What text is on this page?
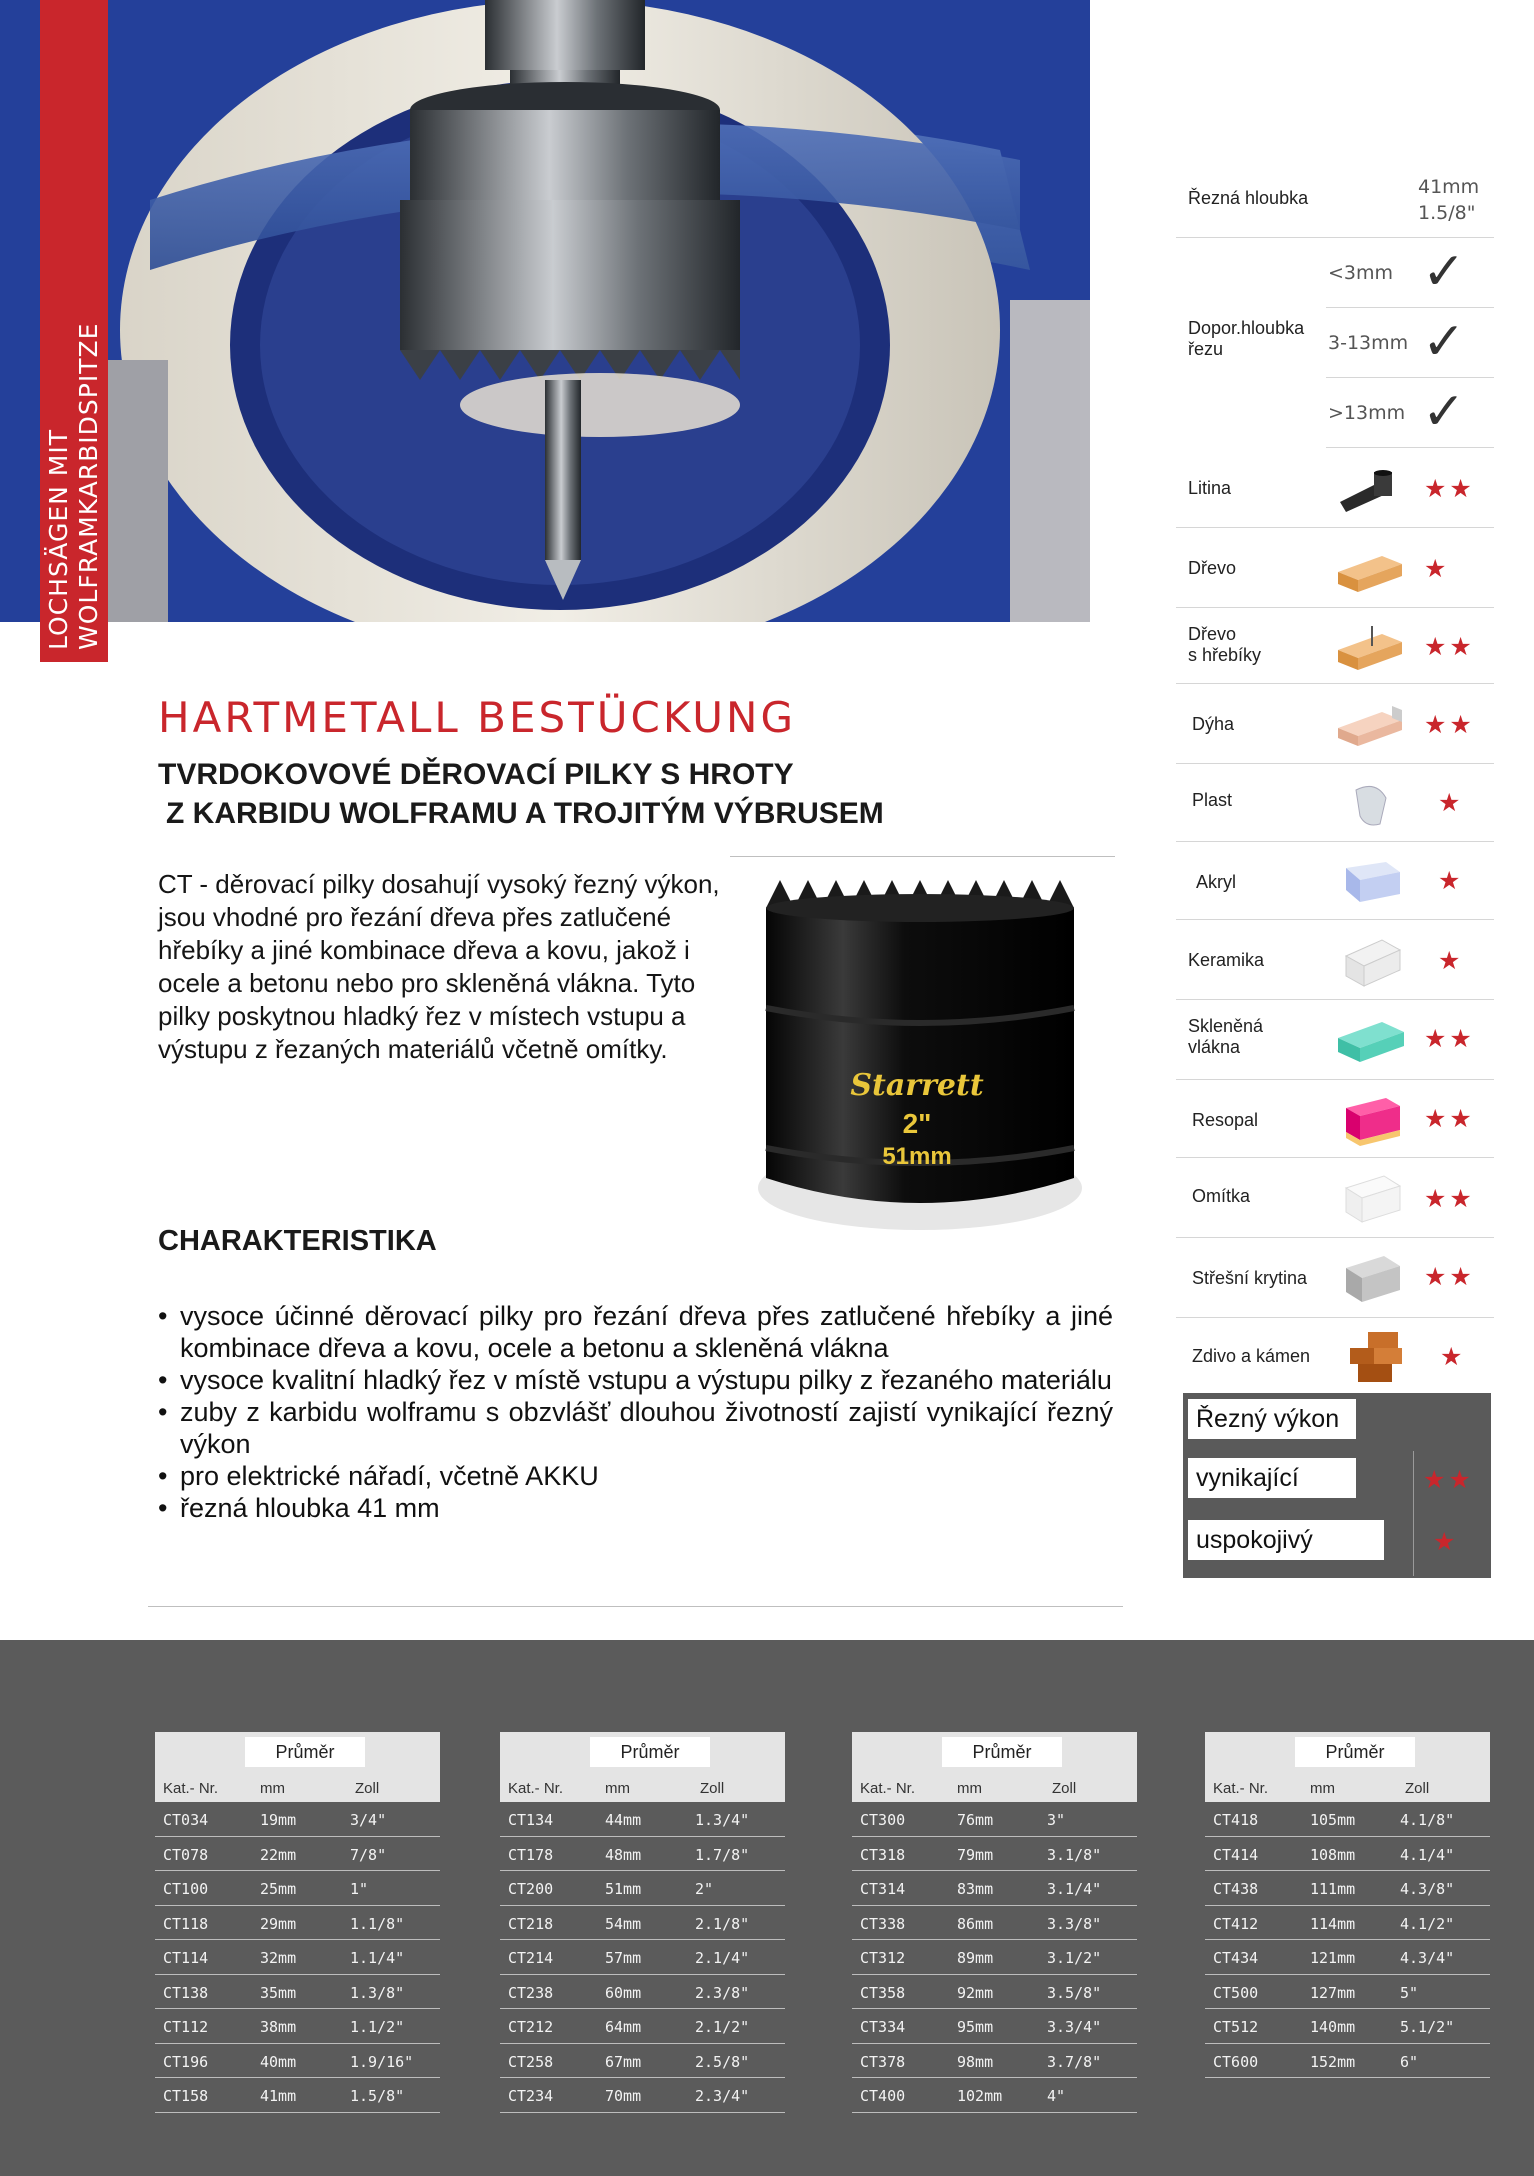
LOCHSÄGEN MIT WOLFRAMKARBIDSPITZE
HARTMETALL BESTÜCKUNG
TVRDOKOVOVÉ DĚROVACÍ PILKY S HROTY
Z KARBIDU WOLFRAMU A TROJITÝM VÝBRUSEM

CT - děrovací pilky dosahují vysoký řezný výkon, jsou vhodné pro řezání dřeva přes zatlučené hřebíky a jiné kombinace dřeva a kovu, jakož i ocele a betonu nebo pro skleněná vlákna. Tyto pilky poskytnou hladký řez v místech vstupu a výstupu z řezaných materiálů včetně omítky.

Starrett
2"
51mm
CHARAKTERISTIKA
• vysoce účinné děrovací pilky pro řezání dřeva přes zatlučené hřebíky a jiné kombinace dřeva a kovu, ocele a betonu a skleněná vlákna
• vysoce kvalitní hladký řez v místě vstupu a výstupu pilky z řezaného materiálu
• zuby z karbidu wolframu s obzvlášť dlouhou životností zajistí vynikající řezný výkon
• pro elektrické nářadí, včetně AKKU
• řezná hloubka 41 mm
Řezná hloubka	41mm
1.5/8"
Dopor.hloubka
řezu
<3mm ✓
3-13mm ✓
>13mm ✓
Litina	★★
Dřevo	★
Dřevo
s hřebíky	★★
Dýha	★★
Plast	★
Akryl	★
Keramika	★
Skleněná
vlákna	★★
Resopal	★★
Omítka	★★
Střešní krytina	★★
Zdivo a kámen	★
Řezný výkon
vynikající	★★
uspokojivý	★
Průměr
Kat.- Nr.	mm	Zoll
CT034	19mm	3/4"
CT078	22mm	7/8"
CT100	25mm	1"
CT118	29mm	1.1/8"
CT114	32mm	1.1/4"
CT138	35mm	1.3/8"
CT112	38mm	1.1/2"
CT196	40mm	1.9/16"
CT158	41mm	1.5/8"
Průměr
Kat.- Nr.	mm	Zoll
CT134	44mm	1.3/4"
CT178	48mm	1.7/8"
CT200	51mm	2"
CT218	54mm	2.1/8"
CT214	57mm	2.1/4"
CT238	60mm	2.3/8"
CT212	64mm	2.1/2"
CT258	67mm	2.5/8"
CT234	70mm	2.3/4"
Průměr
Kat.- Nr.	mm	Zoll
CT300	76mm	3"
CT318	79mm	3.1/8"
CT314	83mm	3.1/4"
CT338	86mm	3.3/8"
CT312	89mm	3.1/2"
CT358	92mm	3.5/8"
CT334	95mm	3.3/4"
CT378	98mm	3.7/8"
CT400	102mm	4"
Průměr
Kat.- Nr.	mm	Zoll
CT418	105mm	4.1/8"
CT414	108mm	4.1/4"
CT438	111mm	4.3/8"
CT412	114mm	4.1/2"
CT434	121mm	4.3/4"
CT500	127mm	5"
CT512	140mm	5.1/2"
CT600	152mm	6"
